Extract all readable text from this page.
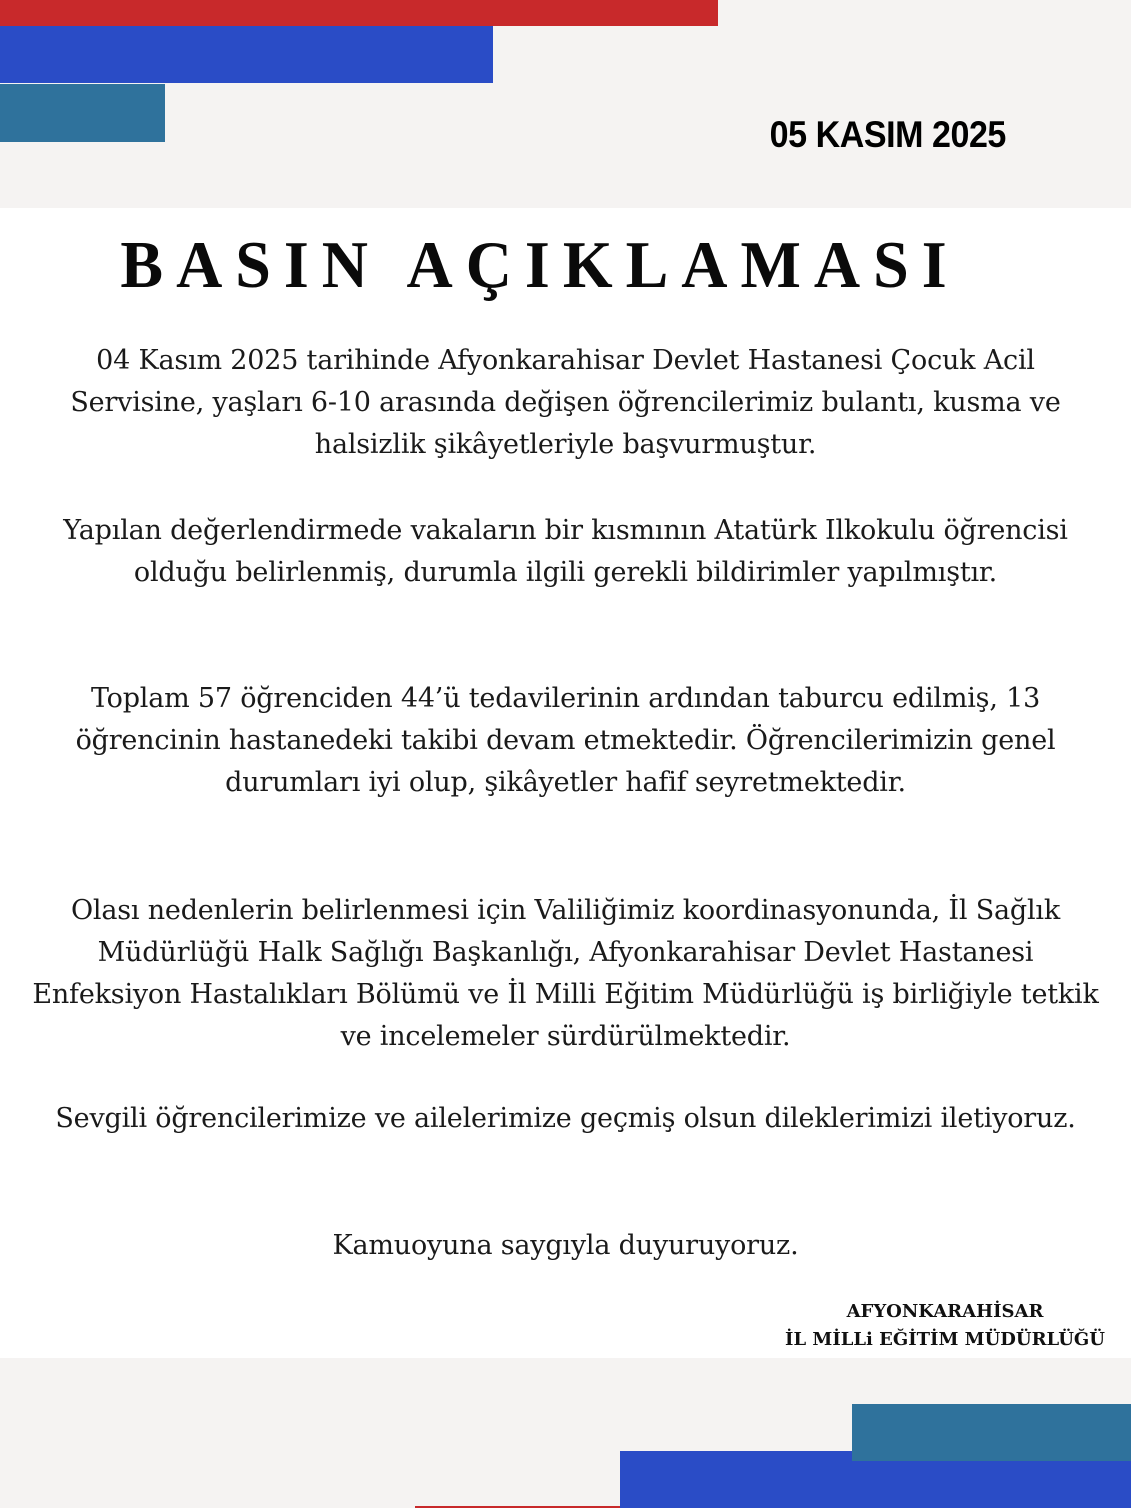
05 KASIM 2025
BASIN AÇIKLAMASI
04 Kasım 2025 tarihinde Afyonkarahisar Devlet Hastanesi Çocuk Acil Servisine, yaşları 6-10 arasında değişen öğrencilerimiz bulantı, kusma ve halsizlik şikâyetleriyle başvurmuştur.
Yapılan değerlendirmede vakaların bir kısmının Atatürk Ilkokulu öğrencisi olduğu belirlenmiş, durumla ilgili gerekli bildirimler yapılmıştır.
Toplam 57 öğrenciden 44’ü tedavilerinin ardından taburcu edilmiş, 13 öğrencinin hastanedeki takibi devam etmektedir. Öğrencilerimizin genel durumları iyi olup, şikâyetler hafif seyretmektedir.
Olası nedenlerin belirlenmesi için Valiliğimiz koordinasyonunda, İl Sağlık Müdürlüğü Halk Sağlığı Başkanlığı, Afyonkarahisar Devlet Hastanesi Enfeksiyon Hastalıkları Bölümü ve İl Milli Eğitim Müdürlüğü iş birliğiyle tetkik ve incelemeler sürdürülmektedir.
Sevgili öğrencilerimize ve ailelerimize geçmiş olsun dileklerimizi iletiyoruz.
Kamuoyuna saygıyla duyuruyoruz.
AFYONKARAHİSAR
İL MİLLi EĞİTİM MÜDÜRLÜĞÜ
